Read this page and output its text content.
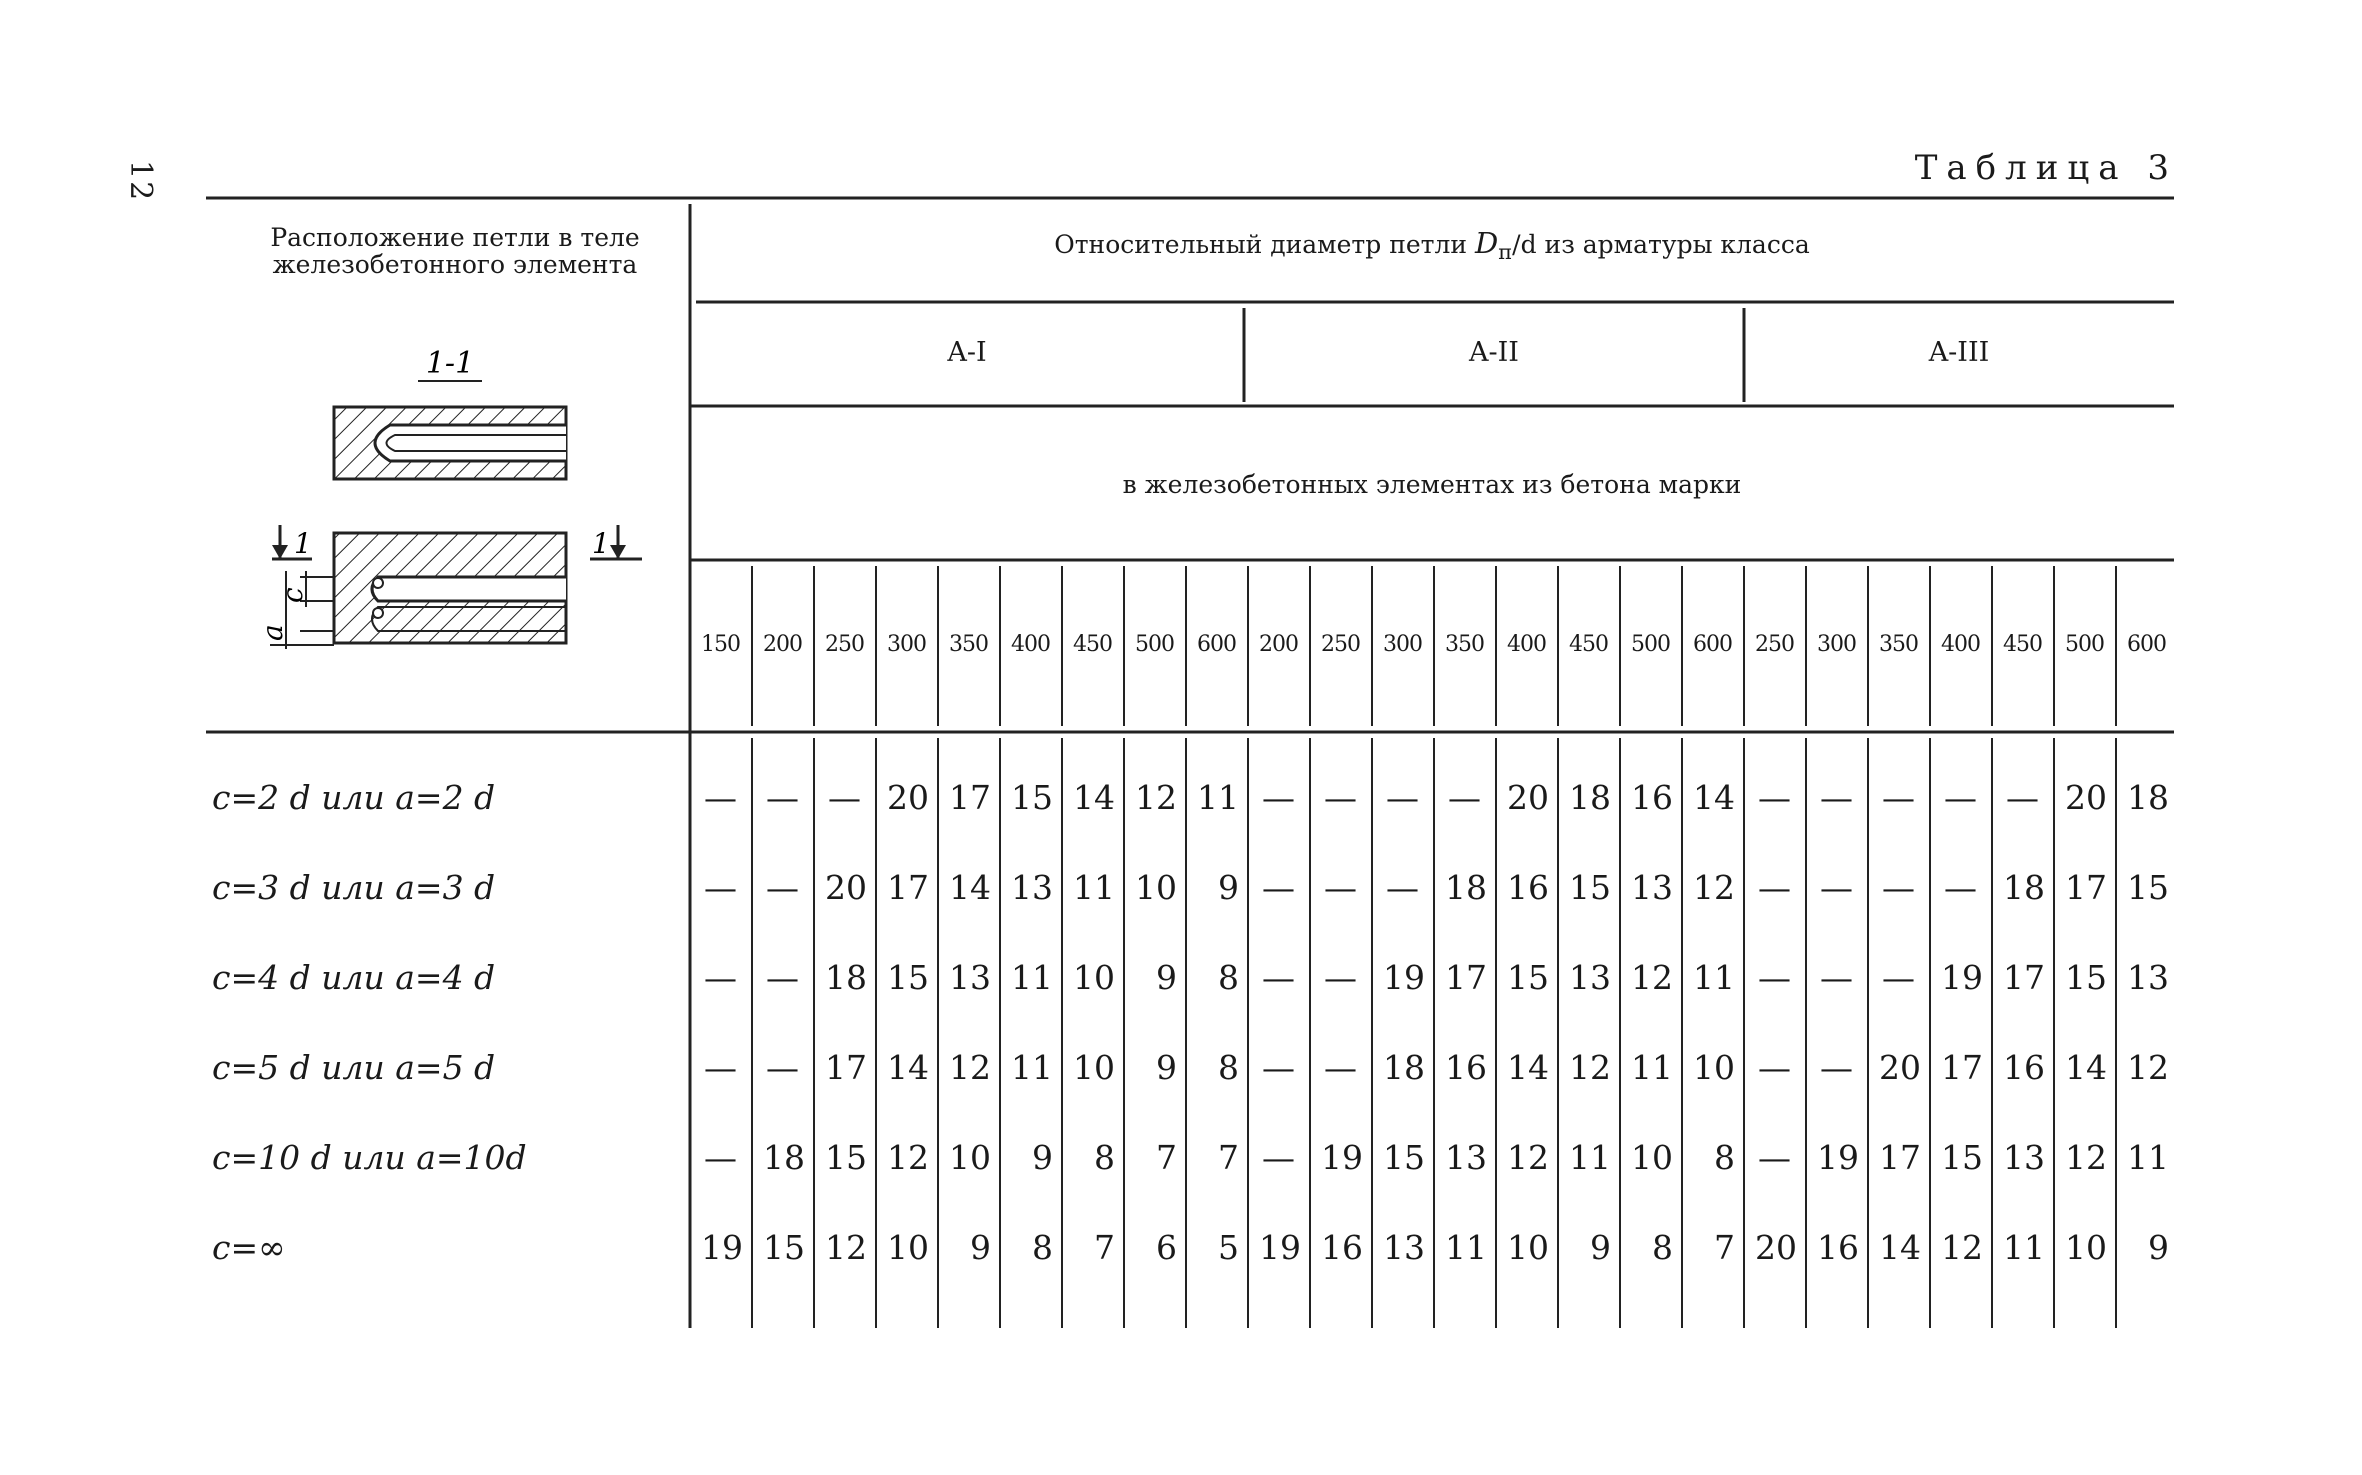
12	Таблица 3
Расположение петли в теле железобетонного элемента
Относительный диаметр петли $D_п/d$ из арматуры класса
в железобетонных элементах из бетона марки
A-I	A-II	A-III
150	200	250	300	350	400	450	500	600	200	250	300	350	400	450	500	600	250	300	350	400	450	500	600
c=2 d или a=2 d	— — — 20 17 15 14 12 11 — — — — 20 18 16 14 — — — — — 20 18
c=3 d или a=3 d	— — 20 17 14 13 11 10	9 — — — 18 16 15 13 12 — — — — 18 17 15
c=4 d или a=4 d	— — 18 15 13 11 10	9	8 — — 19 17 15 13 12 11 — — — 19 17 15 13
c=5 d или a=5 d	— — 17 14 12 11 10	9	8 — — 18 16 14 12 11 10 — — 20 17 16 14 12
c=10 d или a=10d	— 18 15 12 10	9	8	7	7 — 19 15 13 12 11 10	8 — 19 17 15 13 12 11
c=∞	19 15 12 10	9	8	7	6	5 19 16 13 11 10	9	8	7 20 16 14 12 11 10	9
1-1
1	1
c
a
